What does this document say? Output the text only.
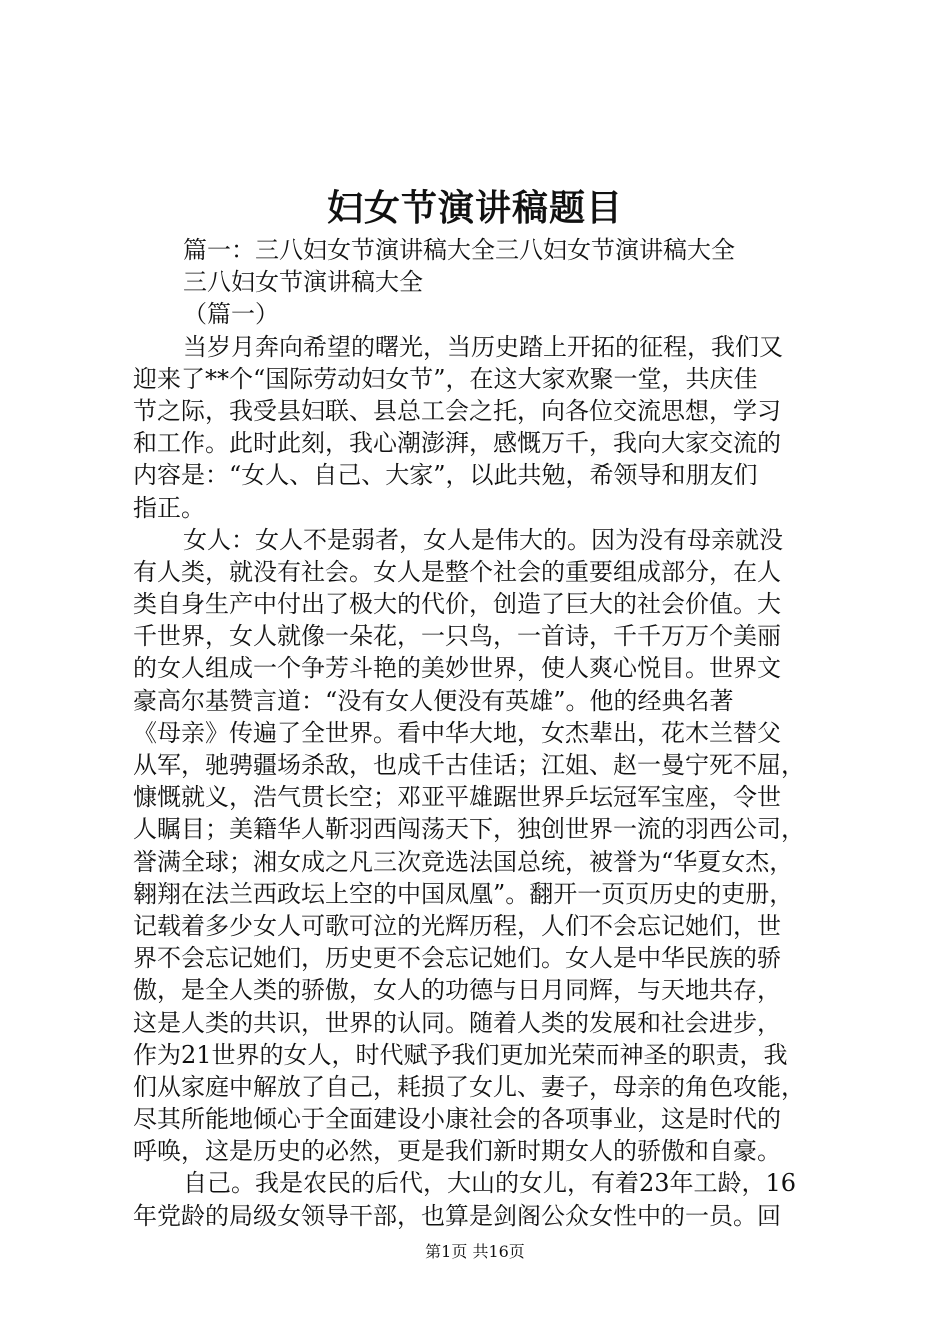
妇女节演讲稿题目
篇一：三八妇女节演讲稿大全三八妇女节演讲稿大全
三八妇女节演讲稿大全
（篇一）
当岁月奔向希望的曙光，当历史踏上开拓的征程，我们又
迎来了**个“国际劳动妇女节”，在这大家欢聚一堂，共庆佳
节之际，我受县妇联、县总工会之托，向各位交流思想，学习
和工作。此时此刻，我心潮澎湃，感慨万千，我向大家交流的
内容是：“女人、自己、大家”，以此共勉，希领导和朋友们
指正。
女人：女人不是弱者，女人是伟大的。因为没有母亲就没
有人类，就没有社会。女人是整个社会的重要组成部分，在人
类自身生产中付出了极大的代价，创造了巨大的社会价值。大
千世界，女人就像一朵花，一只鸟，一首诗，千千万万个美丽
的女人组成一个争芳斗艳的美妙世界，使人爽心悦目。世界文
豪高尔基赞言道：“没有女人便没有英雄”。他的经典名著
《母亲》传遍了全世界。看中华大地，女杰辈出，花木兰替父
从军，驰骋疆场杀敌，也成千古佳话；江姐、赵一曼宁死不屈，
慷慨就义，浩气贯长空；邓亚平雄踞世界乒坛冠军宝座，令世
人瞩目；美籍华人靳羽西闯荡天下，独创世界一流的羽西公司，
誉满全球；湘女成之凡三次竞选法国总统，被誉为“华夏女杰，
翱翔在法兰西政坛上空的中国凤凰”。翻开一页页历史的吏册，
记载着多少女人可歌可泣的光辉历程，人们不会忘记她们，世
界不会忘记她们，历史更不会忘记她们。女人是中华民族的骄
傲，是全人类的骄傲，女人的功德与日月同辉，与天地共存，
这是人类的共识，世界的认同。随着人类的发展和社会进步，
作为21世界的女人，时代赋予我们更加光荣而神圣的职责，我
们从家庭中解放了自己，耗损了女儿、妻子，母亲的角色攻能，
尽其所能地倾心于全面建设小康社会的各项事业，这是时代的
呼唤，这是历史的必然，更是我们新时期女人的骄傲和自豪。
自己。我是农民的后代，大山的女儿，有着23年工龄，16
年党龄的局级女领导干部，也算是剑阁公众女性中的一员。回
第1页 共16页
